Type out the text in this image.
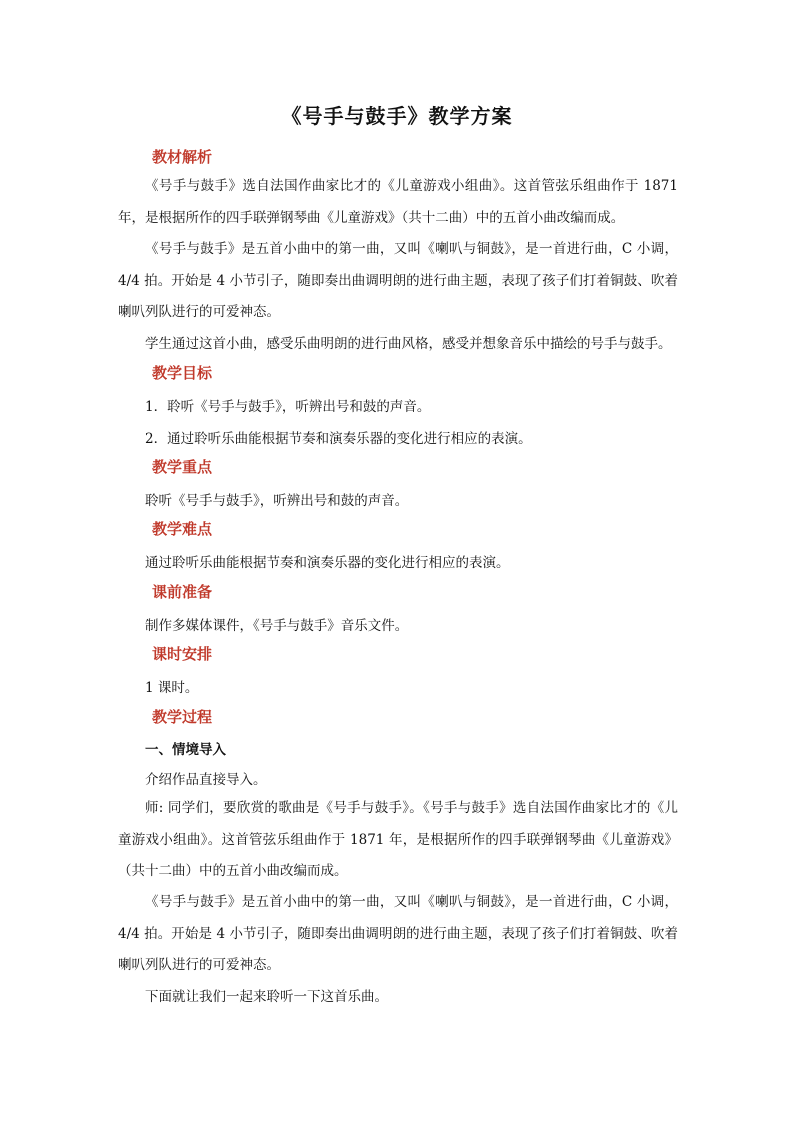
《号手与鼓手》教学方案
教材解析
《号手与鼓手》选自法国作曲家比才的《儿童游戏小组曲》。这首管弦乐组曲作于 1871 年，是根据所作的四手联弹钢琴曲《儿童游戏》（共十二曲）中的五首小曲改编而成。
《号手与鼓手》是五首小曲中的第一曲，又叫《喇叭与铜鼓》，是一首进行曲，C 小调，4/4 拍。开始是 4 小节引子，随即奏出曲调明朗的进行曲主题，表现了孩子们打着铜鼓、吹着喇叭列队进行的可爱神态。
学生通过这首小曲，感受乐曲明朗的进行曲风格，感受并想象音乐中描绘的号手与鼓手。
教学目标
1．聆听《号手与鼓手》，听辨出号和鼓的声音。
2．通过聆听乐曲能根据节奏和演奏乐器的变化进行相应的表演。
教学重点
聆听《号手与鼓手》，听辨出号和鼓的声音。
教学难点
通过聆听乐曲能根据节奏和演奏乐器的变化进行相应的表演。
课前准备
制作多媒体课件，《号手与鼓手》音乐文件。
课时安排
1 课时。
教学过程
一、情境导入
介绍作品直接导入。
师: 同学们，要欣赏的歌曲是《号手与鼓手》。《号手与鼓手》选自法国作曲家比才的《儿童游戏小组曲》。这首管弦乐组曲作于 1871 年，是根据所作的四手联弹钢琴曲《儿童游戏》（共十二曲）中的五首小曲改编而成。
《号手与鼓手》是五首小曲中的第一曲，又叫《喇叭与铜鼓》，是一首进行曲，C 小调，4/4 拍。开始是 4 小节引子，随即奏出曲调明朗的进行曲主题，表现了孩子们打着铜鼓、吹着喇叭列队进行的可爱神态。
下面就让我们一起来聆听一下这首乐曲。
